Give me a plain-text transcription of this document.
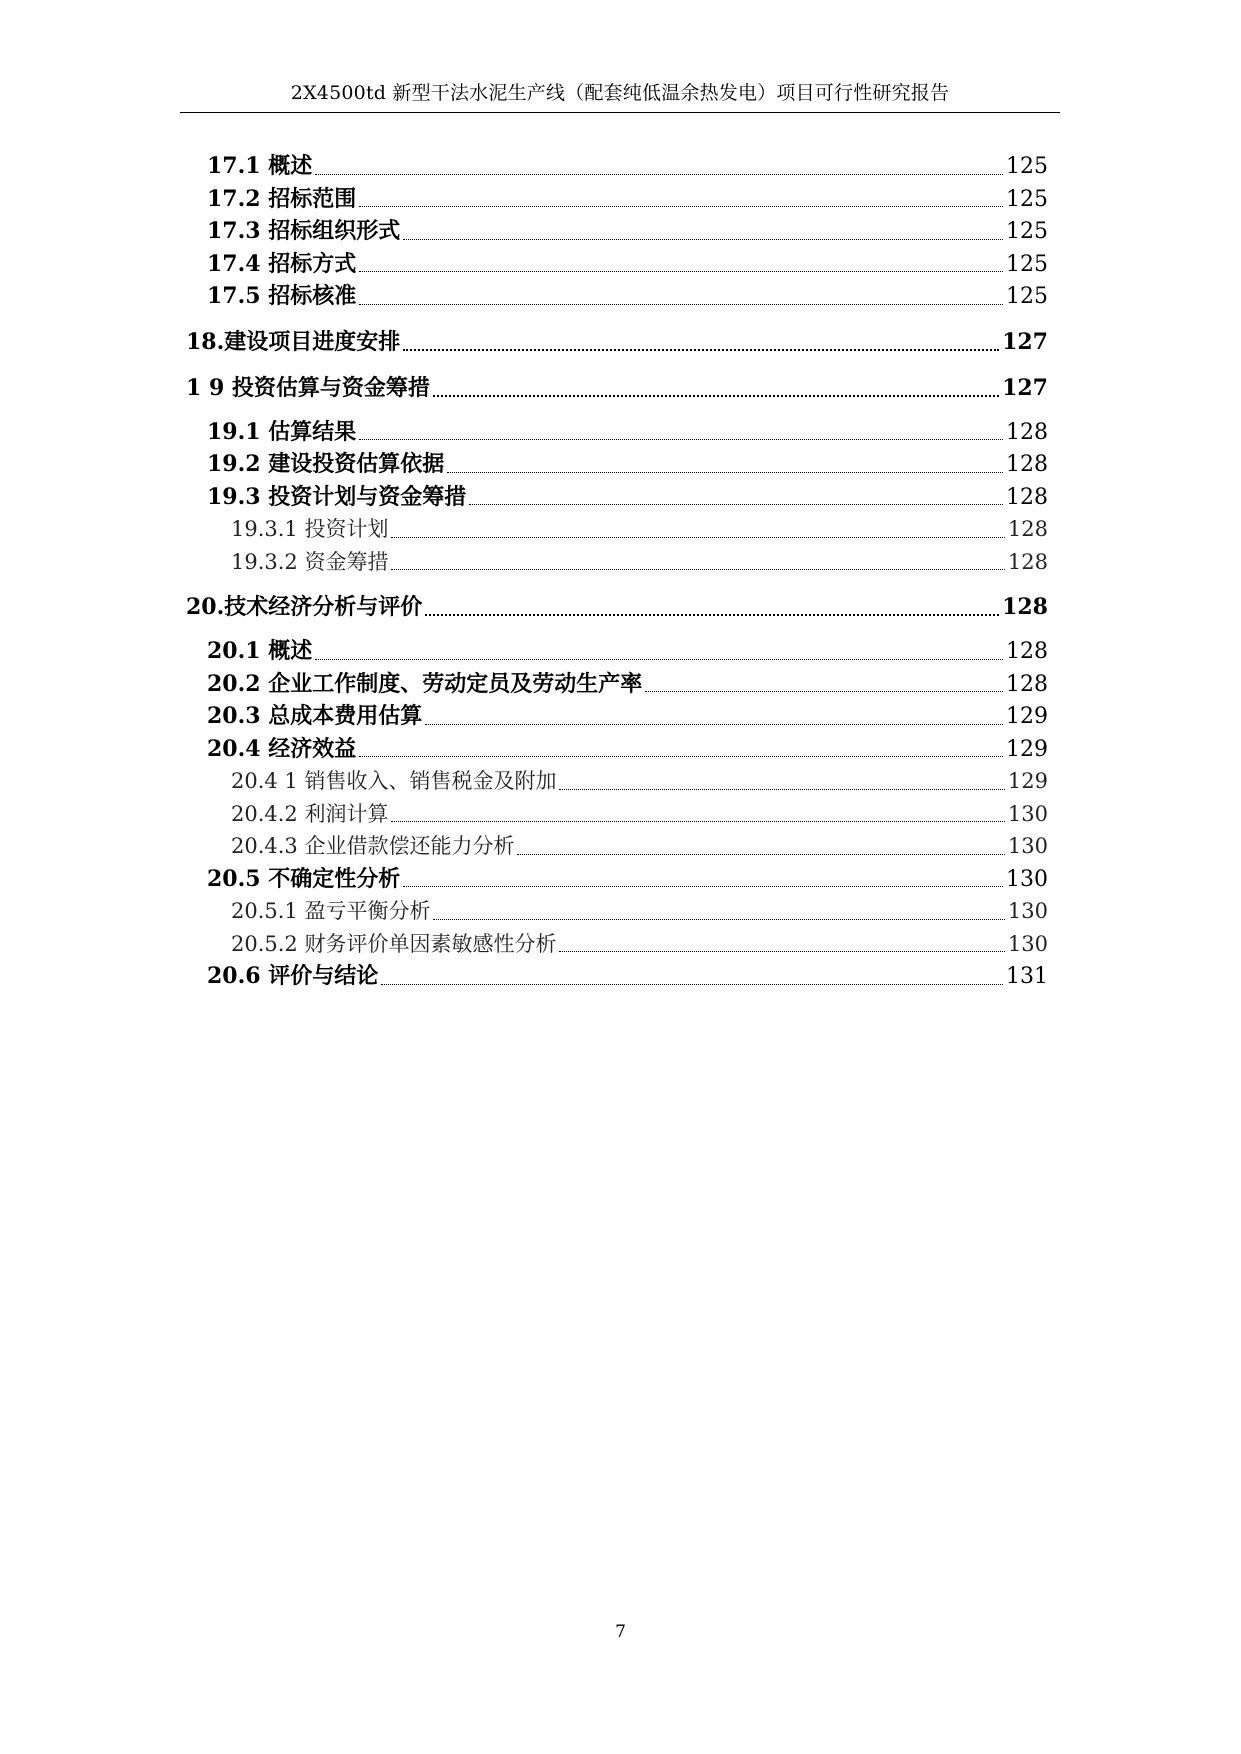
2X4500td 新型干法水泥生产线（配套纯低温余热发电）项目可行性研究报告
17.1 概述	125
17.2 招标范围	125
17.3 招标组织形式	125
17.4 招标方式	125
17.5 招标核准	125
18.建设项目进度安排	127
1 9 投资估算与资金筹措	127
19.1 估算结果	128
19.2 建设投资估算依据	128
19.3 投资计划与资金筹措	128
19.3.1 投资计划	128
19.3.2 资金筹措	128
20.技术经济分析与评价	128
20.1 概述	128
20.2 企业工作制度、劳动定员及劳动生产率	128
20.3 总成本费用估算	129
20.4 经济效益	129
20.4 1 销售收入、销售税金及附加	129
20.4.2 利润计算	130
20.4.3 企业借款偿还能力分析	130
20.5 不确定性分析	130
20.5.1 盈亏平衡分析	130
20.5.2 财务评价单因素敏感性分析	130
20.6 评价与结论	131
7
